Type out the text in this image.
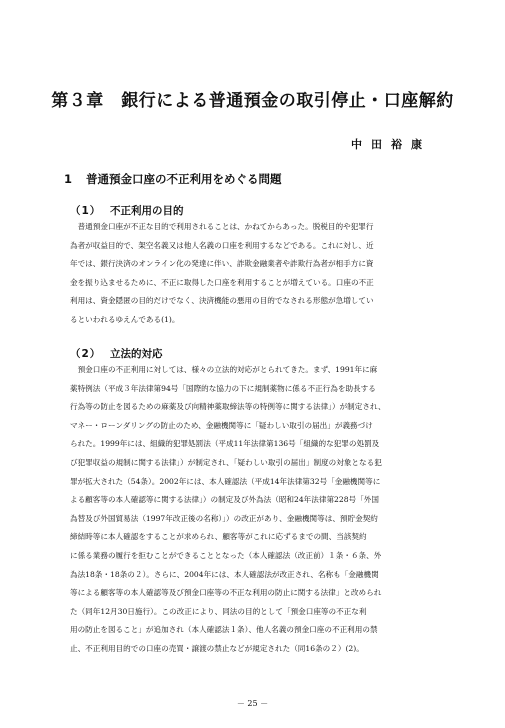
第３章　銀行による普通預金の取引停止・口座解約
中田裕康
1 普通預金口座の不正利用をめぐる問題
（1） 不正利用の目的
普通預金口座が不正な目的で利用されることは、かねてからあった。脱税目的や犯罪行
為者が収益目的で、架空名義又は他人名義の口座を利用するなどである。これに対し、近
年では、銀行決済のオンライン化の発達に伴い、詐欺金融業者や詐欺行為者が相手方に資
金を振り込ませるために、不正に取得した口座を利用することが増えている。口座の不正
利用は、資金隠匿の目的だけでなく、決済機能の悪用の目的でなされる形態が急増してい
るといわれるゆえんである(1)。
（2） 立法的対応
預金口座の不正利用に対しては、様々の立法的対応がとられてきた。まず、1991年に麻
薬特例法（平成３年法律第94号「国際的な協力の下に規制薬物に係る不正行為を助長する
行為等の防止を図るための麻薬及び向精神薬取締法等の特例等に関する法律」）が制定され、
マネー・ローンダリングの防止のため、金融機関等に「疑わしい取引の届出」が義務づけ
られた。1999年には、組織的犯罪処罰法（平成11年法律第136号「組織的な犯罪の処罰及
び犯罪収益の規制に関する法律」）が制定され、「疑わしい取引の届出」制度の対象となる犯
罪が拡大された（54条）。2002年には、本人確認法（平成14年法律第32号「金融機関等に
よる顧客等の本人確認等に関する法律」）の制定及び外為法（昭和24年法律第228号「外国
為替及び外国貿易法（1997年改正後の名称）」）の改正があり、金融機関等は、預貯金契約
締結時等に本人確認をすることが求められ、顧客等がこれに応ずるまでの間、当該契約
に係る業務の履行を拒むことができることとなった（本人確認法（改正前）１条・６条、外
為法18条・18条の２）。さらに、2004年には、本人確認法が改正され、名称も「金融機関
等による顧客等の本人確認等及び預金口座等の不正な利用の防止に関する法律」と改められ
た（同年12月30日施行）。この改正により、同法の目的として「預金口座等の不正な利
用の防止を図ること」が追加され（本人確認法１条）、他人名義の預金口座の不正利用の禁
止、不正利用目的での口座の売買・譲渡の禁止などが規定された（同16条の２）(2)。
－ 25 －
